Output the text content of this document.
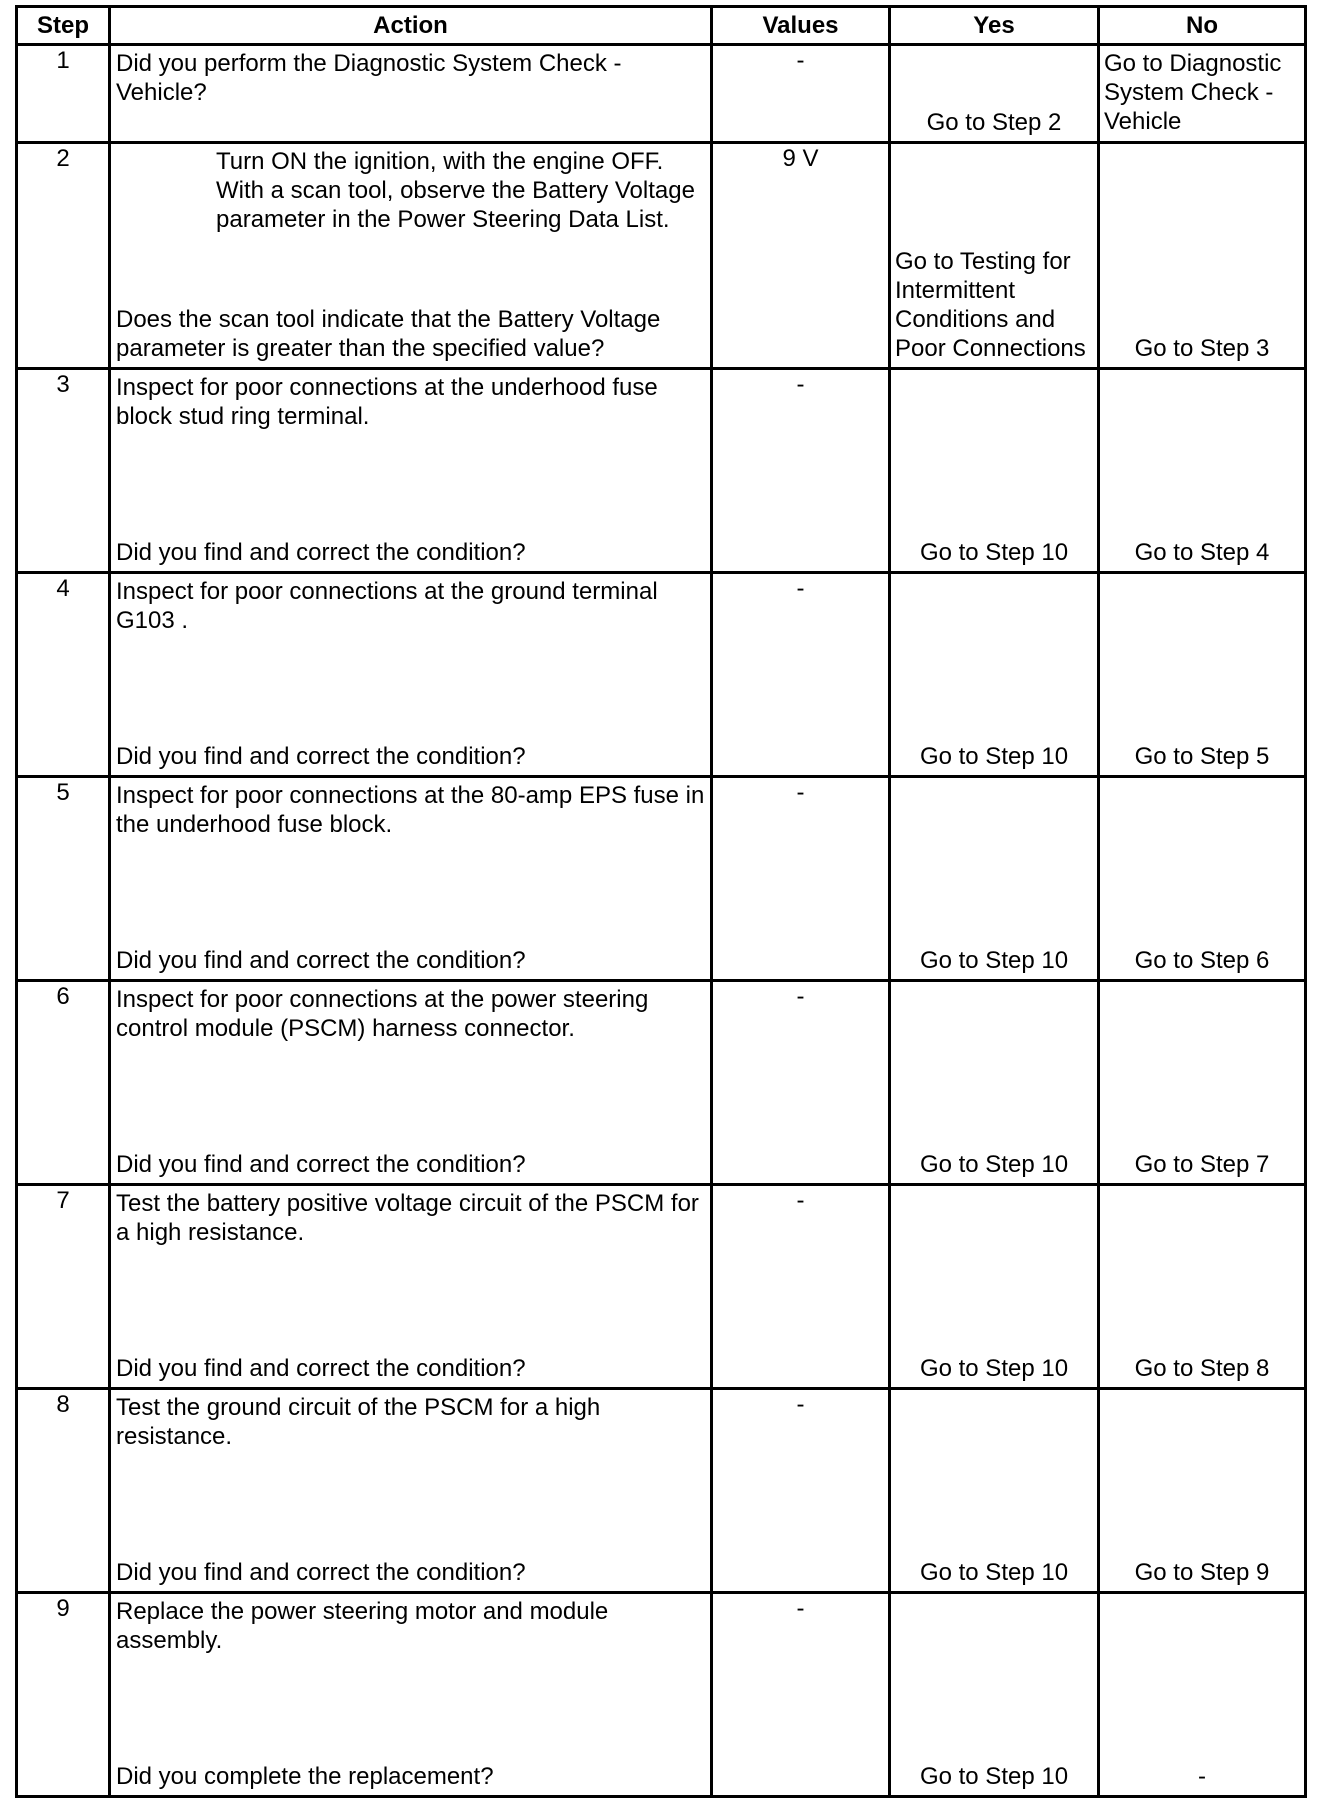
Step	Action	Values	Yes	No
1	Did you perform the Diagnostic System Check - Vehicle?	-	Go to Step 2	Go to Diagnostic System Check - Vehicle

2	Turn ON the ignition, with the engine OFF. With a scan tool, observe the Battery Voltage parameter in the Power Steering Data List.
Does the scan tool indicate that the Battery Voltage parameter is greater than the specified value?	9 V	Go to Testing for Intermittent Conditions and Poor Connections	Go to Step 3

3	Inspect for poor connections at the underhood fuse block stud ring terminal.
Did you find and correct the condition?	-	Go to Step 10	Go to Step 4

4	Inspect for poor connections at the ground terminal G103 .
Did you find and correct the condition?	-	Go to Step 10	Go to Step 5

5	Inspect for poor connections at the 80-amp EPS fuse in the underhood fuse block.
Did you find and correct the condition?	-	Go to Step 10	Go to Step 6

6	Inspect for poor connections at the power steering control module (PSCM) harness connector.
Did you find and correct the condition?	-	Go to Step 10	Go to Step 7

7	Test the battery positive voltage circuit of the PSCM for a high resistance.
Did you find and correct the condition?	-	Go to Step 10	Go to Step 8

8	Test the ground circuit of the PSCM for a high resistance.
Did you find and correct the condition?	-	Go to Step 10	Go to Step 9

9	Replace the power steering motor and module assembly.
Did you complete the replacement?	-	Go to Step 10	-
